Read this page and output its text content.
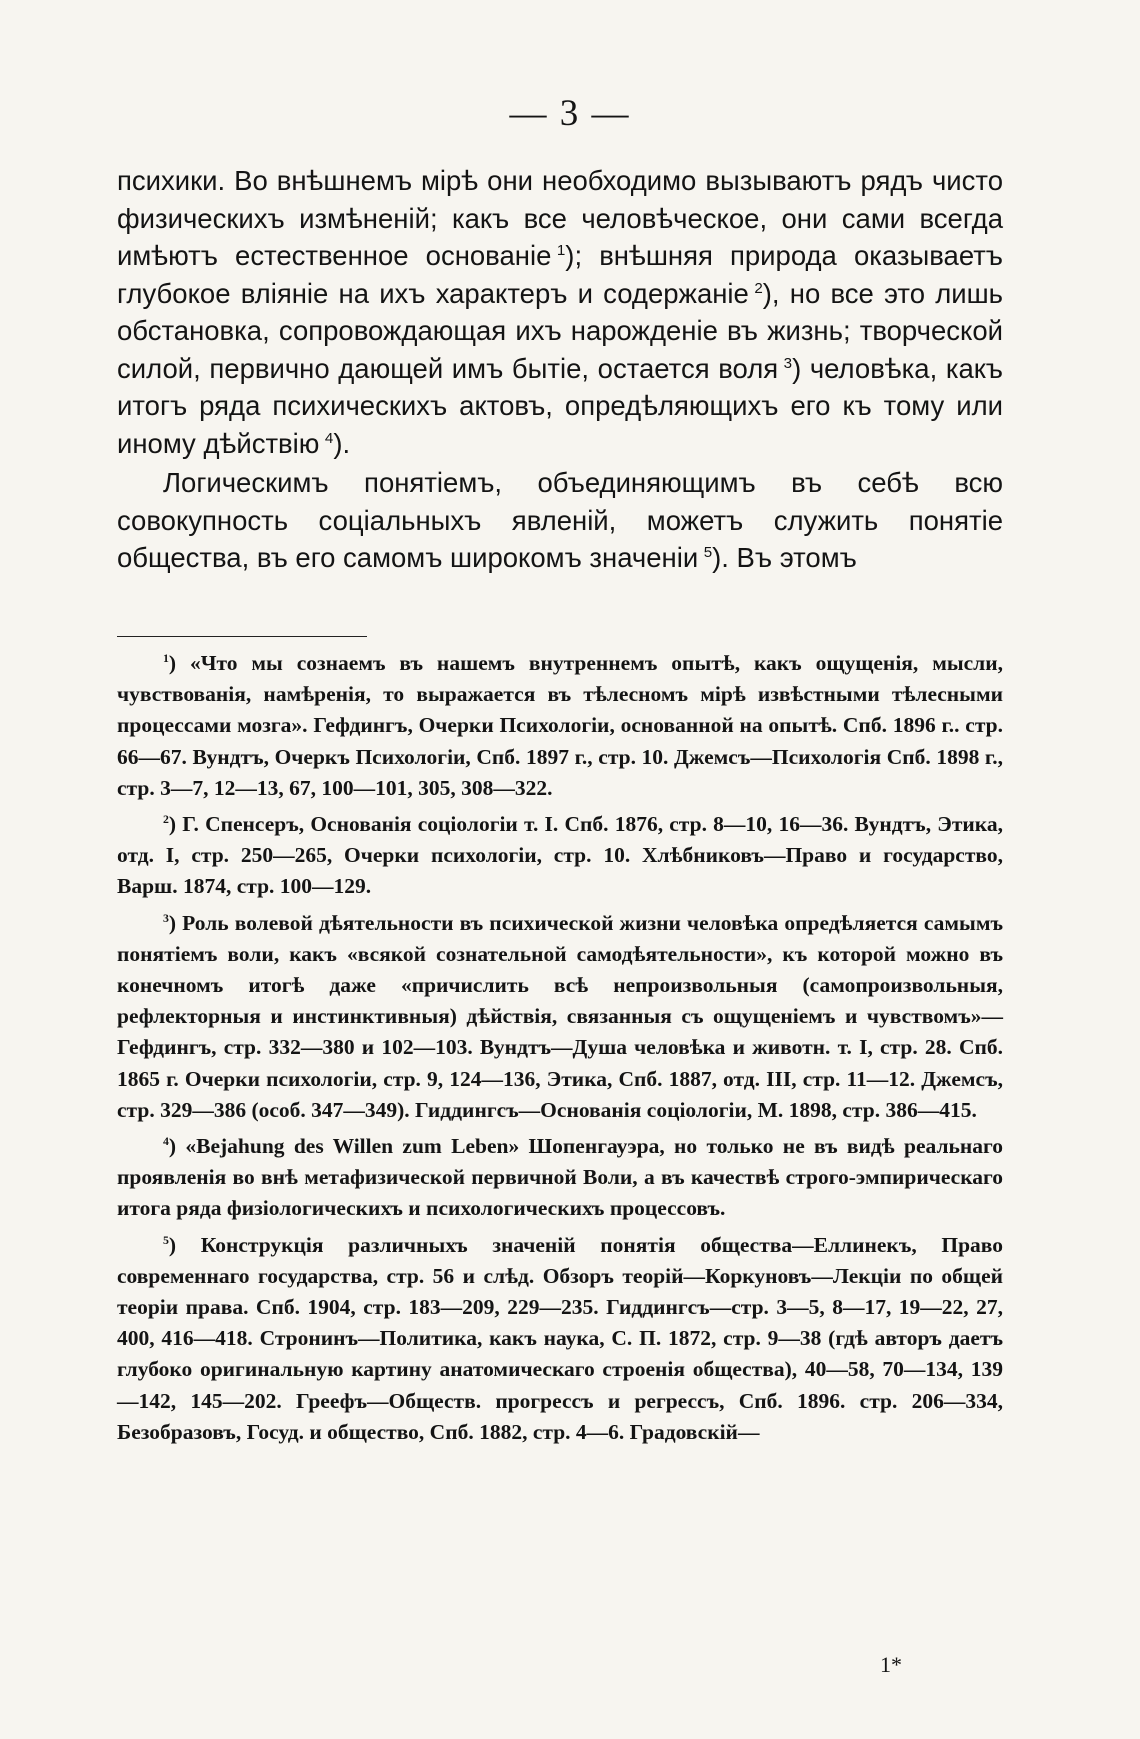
— 3 —

психики. Во внѣшнемъ мірѣ они необходимо вызываютъ рядъ чисто физическихъ измѣненій; какъ все человѣческое, они сами всегда имѣютъ естественное основаніе  $^1$); внѣшняя природа оказываетъ глубокое вліяніе на ихъ характеръ и содержаніе  $^2$), но все это лишь обстановка, сопровождающая ихъ нарожденіе въ жизнь; творческой силой, первично дающей имъ бытіе, остается воля  $^3$) человѣка, какъ итогъ ряда психическихъ актовъ, опредѣляющихъ его къ тому или иному дѣйствію  $^4$).

Логическимъ понятіемъ, объединяющимъ въ себѣ всю совокупность соціальныхъ явленій, можетъ служить понятіе общества, въ его самомъ широкомъ значеніи  $^5$). Въ этомъ

$^1$) «Что мы сознаемъ въ нашемъ внутреннемъ опытѣ, какъ ощущенія, мысли, чувствованія, намѣренія, то выражается въ тѣлесномъ мірѣ извѣстными тѣлесными процессами мозга». Гефдингъ, Очерки Психологіи, основанной на опытѣ. Спб. 1896 г.. стр. 66—67. Вундтъ, Очеркъ Психологіи, Спб. 1897 г., стр. 10. Джемсъ—Психологія Спб. 1898 г., стр. 3—7, 12—13, 67, 100—101, 305, 308—322.

$^2$) Г. Спенсеръ, Основанія соціологіи т. I. Спб. 1876, стр. 8—10, 16—36. Вундтъ, Этика, отд. I, стр. 250—265, Очерки психологіи, стр. 10. Хлѣбниковъ—Право и государство, Варш. 1874, стр. 100—129.

$^3$) Роль волевой дѣятельности въ психической жизни человѣка опредѣляется самымъ понятіемъ воли, какъ «всякой сознательной самодѣятельности», къ которой можно въ конечномъ итогѣ даже «причислить всѣ непроизвольныя (самопроизвольныя, рефлекторныя и инстинктивныя) дѣйствія, связанныя съ ощущеніемъ и чувствомъ»—Гефдингъ, стр. 332—380 и 102—103. Вундтъ—Душа человѣка и животн. т. I, стр. 28. Спб. 1865 г. Очерки психологіи, стр. 9, 124—136, Этика, Спб. 1887, отд. III, стр. 11—12. Джемсъ, стр. 329—386 (особ. 347—349). Гиддингсъ—Основанія соціологіи, М. 1898, стр. 386—415.

$^4$) «Bejahung des Willen zum Leben» Шопенгауэра, но только не въ видѣ реальнаго проявленія во внѣ метафизической первичной Воли, а въ качествѣ строго-эмпирическаго итога ряда физіологическихъ и психологическихъ процессовъ.

$^5$) Конструкція различныхъ значеній понятія общества—Еллинекъ, Право современнаго государства, стр. 56 и слѣд. Обзоръ теорій—Коркуновъ—Лекціи по общей теоріи права. Спб. 1904, стр. 183—209, 229—235. Гиддингсъ—стр. 3—5, 8—17, 19—22, 27, 400, 416—418. Стронинъ—Политика, какъ наука, С. П. 1872, стр. 9—38 (гдѣ авторъ даетъ глубоко оригинальную картину анатомическаго строенія общества), 40—58, 70—134, 139—142, 145—202. Греефъ—Обществ. прогрессъ и регрессъ, Спб. 1896. стр. 206—334, Безобразовъ, Госуд. и общество, Спб. 1882, стр. 4—6. Градовскій—

1*
